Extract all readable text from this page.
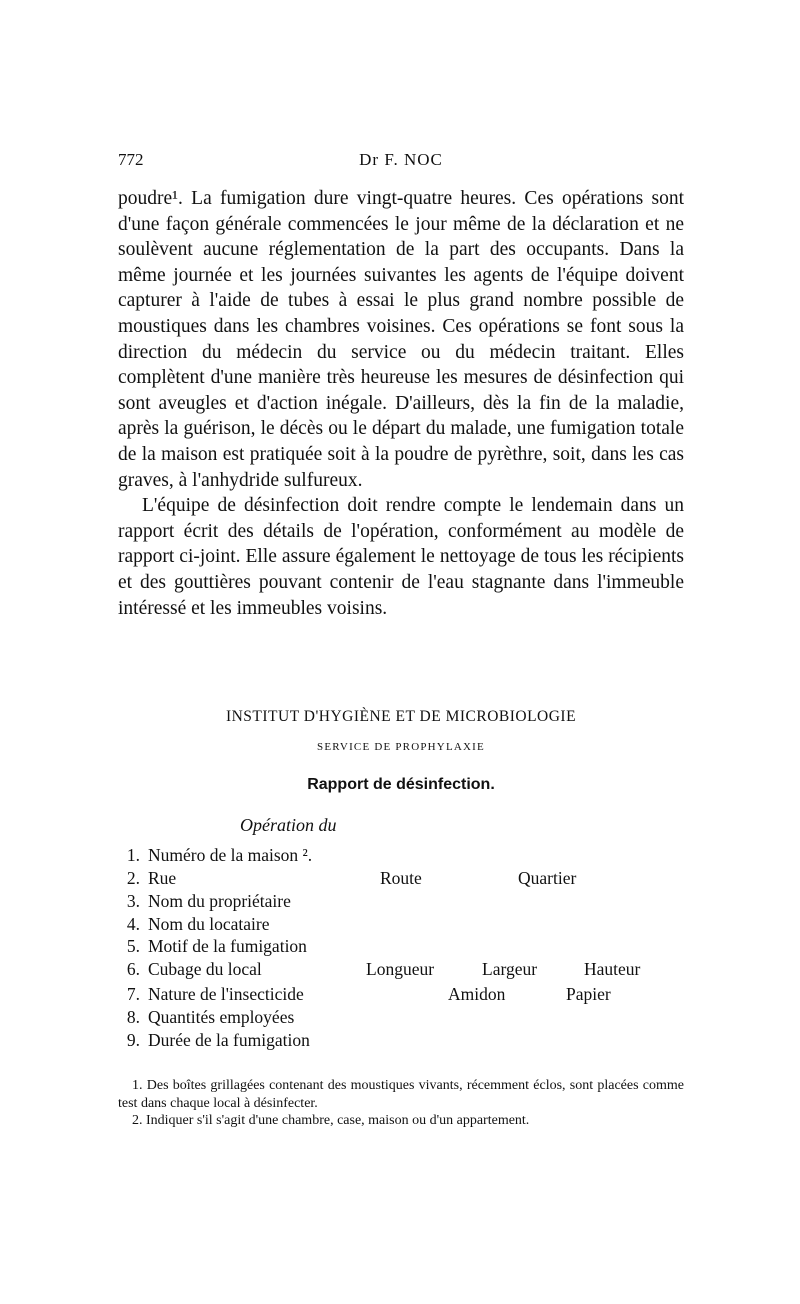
772	Dr F. NOC

poudre¹. La fumigation dure vingt-quatre heures. Ces opérations sont d'une façon générale commencées le jour même de la déclaration et ne soulèvent aucune réglementation de la part des occupants. Dans la même journée et les journées suivantes les agents de l'équipe doivent capturer à l'aide de tubes à essai le plus grand nombre possible de moustiques dans les chambres voisines. Ces opérations se font sous la direction du médecin du service ou du médecin traitant. Elles complètent d'une manière très heureuse les mesures de désinfection qui sont aveugles et d'action inégale. D'ailleurs, dès la fin de la maladie, après la guérison, le décès ou le départ du malade, une fumigation totale de la maison est pratiquée soit à la poudre de pyrèthre, soit, dans les cas graves, à l'anhydride sulfureux.

L'équipe de désinfection doit rendre compte le lendemain dans un rapport écrit des détails de l'opération, conformément au modèle de rapport ci-joint. Elle assure également le nettoyage de tous les récipients et des gouttières pouvant contenir de l'eau stagnante dans l'immeuble intéressé et les immeubles voisins.

INSTITUT D'HYGIÈNE ET DE MICROBIOLOGIE
SERVICE DE PROPHYLAXIE
Rapport de désinfection.
Opération du
1. Numéro de la maison ².
2. Rue	Route	Quartier
3. Nom du propriétaire
4. Nom du locataire
5. Motif de la fumigation
6. Cubage du local	Longueur	Largeur	Hauteur
7. Nature de l'insecticide	Amidon	Papier
8. Quantités employées
9. Durée de la fumigation

1. Des boîtes grillagées contenant des moustiques vivants, récemment éclos, sont placées comme test dans chaque local à désinfecter.

2. Indiquer s'il s'agit d'une chambre, case, maison ou d'un appartement.
